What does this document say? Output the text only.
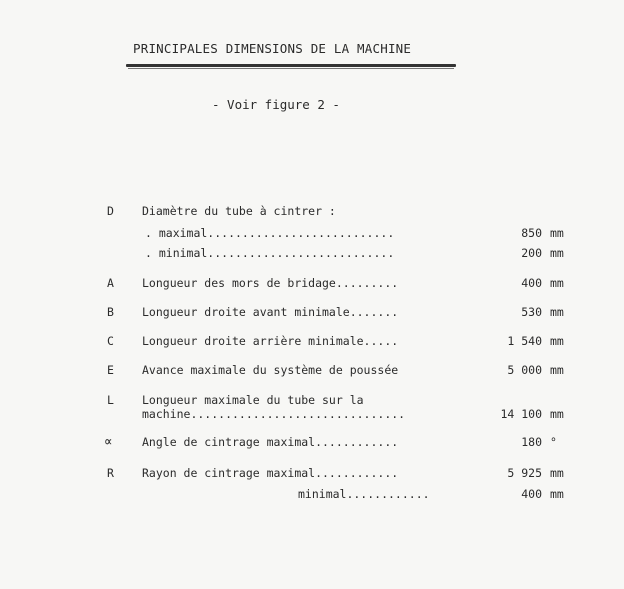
PRINCIPALES DIMENSIONS DE LA MACHINE
- Voir figure 2 -
D Diamètre du tube à cintrer :
. maximal...........................	850 mm
. minimal...........................	200 mm
A Longueur des mors de bridage.........	400 mm
B Longueur droite avant minimale.......	530 mm
C Longueur droite arrière minimale.....	1 540 mm
E Avance maximale du système de poussée	5 000 mm
L Longueur maximale du tube sur la
machine...............................	14 100 mm
∝	Angle de cintrage maximal............	180 °
R Rayon de cintrage maximal............	5 925 mm
minimal............	400 mm
